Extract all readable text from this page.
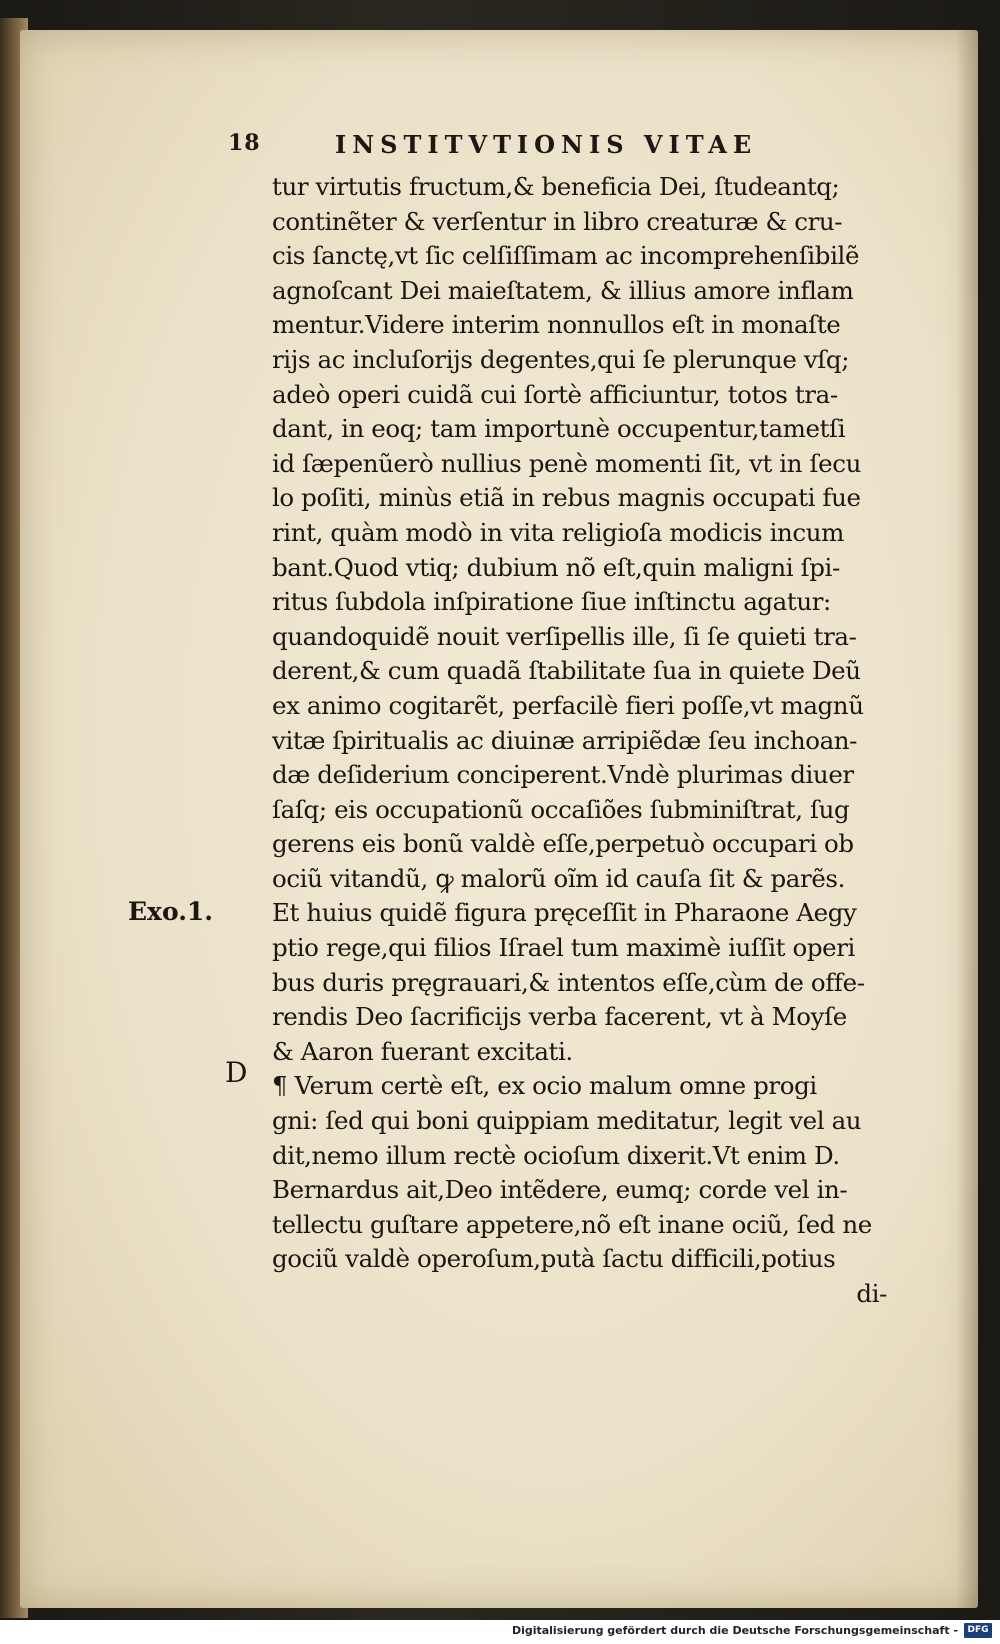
18	INSTITVTIONIS VITAE
Exo.1.
D
tur virtutis fructum,& beneficia Dei, ſtudeantq;
continẽter & verſentur in libro creaturæ & cru-
cis ſanctę,vt ſic celſiſſimam ac incomprehenſibilẽ
agnoſcant Dei maieſtatem, & illius amore inflam
mentur.Videre interim nonnullos eſt in monaſte
rijs ac incluſorijs degentes,qui ſe plerunque vſq;
adeò operi cuidã cui ſortè afficiuntur, totos tra-
dant, in eoq; tam importunè occupentur,tametſi
id ſæpenũerò nullius penè momenti ſit, vt in ſecu
lo poſiti, minùs etiã in rebus magnis occupati fue
rint, quàm modò in vita religioſa modicis incum
bant.Quod vtiq; dubium nõ eſt,quin maligni ſpi-
ritus ſubdola inſpiratione ſiue inſtinctu agatur:
quandoquidẽ nouit verſipellis ille, ſi ſe quieti tra-
derent,& cum quadã ſtabilitate ſua in quiete Deũ
ex animo cogitarẽt, perfacilè fieri poſſe,vt magnũ
vitæ ſpiritualis ac diuinæ arripiẽdæ ſeu inchoan-
dæ deſiderium conciperent.Vndè plurimas diuer
ſaſq; eis occupationũ occaſiões ſubminiſtrat, ſug
gerens eis bonũ valdè eſſe,perpetuò occupari ob
ociũ vitandũ, ꝙ malorũ oĩm id cauſa ſit & parẽs.
Et huius quidẽ figura pręceſſit in Pharaone Aegy
ptio rege,qui filios Iſrael tum maximè iuſſit operi
bus duris pręgrauari,& intentos eſſe,cùm de offe-
rendis Deo ſacrificijs verba facerent, vt à Moyſe
& Aaron fuerant excitati.
¶ Verum certè eſt, ex ocio malum omne progi
gni: ſed qui boni quippiam meditatur, legit vel au
dit,nemo illum rectè ocioſum dixerit.Vt enim D.
Bernardus ait,Deo intẽdere, eumq; corde vel in-
tellectu guſtare appetere,nõ eſt inane ociũ, ſed ne
gociũ valdè operoſum,putà ſactu difficili,potius
di-
Digitalisierung gefördert durch die Deutsche Forschungsgemeinschaft -	DFG
